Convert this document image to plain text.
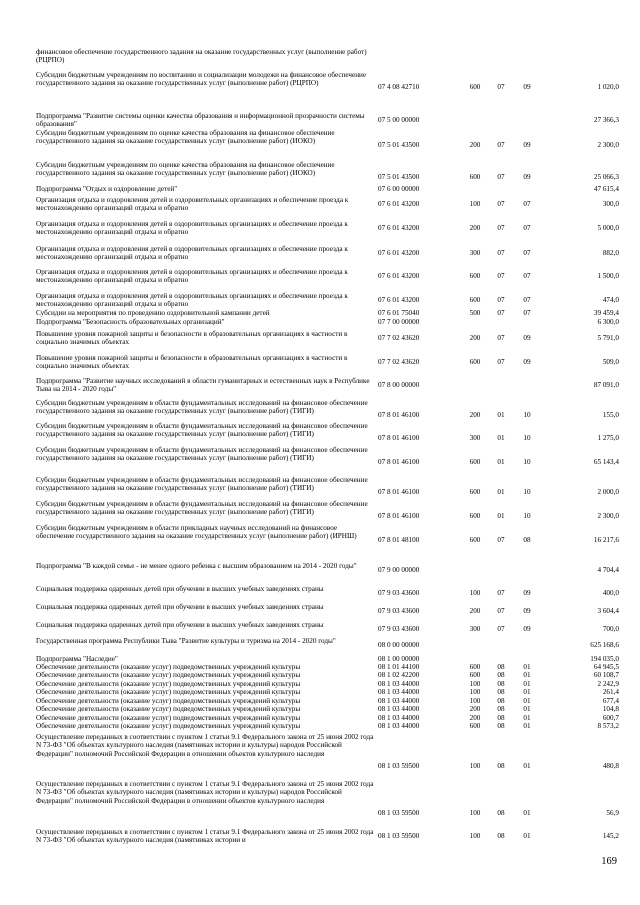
финансовое обеспечение государственного задания на оказание государственных услуг (выполнение работ) (РЦРПО)
Субсидии бюджетным учреждениям по воспитанию и социализации молодежи на финансовое обеспечение государственного задания на оказание государственных услуг (выполнение работ) (РЦРПО)	07 4 08 42710	600	07	09	1 020,0
Подпрограмма "Развитие системы оценки качества образования и информационной прозрачности системы образования"
07 5 00 00000	27 366,3
Субсидии бюджетным учреждениям по оценке качества образования на финансовое обеспечение государственного задания на оказание государственных услуг (выполнение работ) (ИОКО)	07 5 01 43500	200	07	09	2 300,0
Субсидии бюджетным учреждениям по оценке качества образования на финансовое обеспечение государственного задания на оказание государственных услуг (выполнение работ) (ИОКО)	07 5 01 43500	600	07	09	25 066,3
Подпрограмма "Отдых и оздоровление детей"	07 6 00 00000	47 615,4
Организация отдыха и оздоровления детей и оздоровительных организациях и обеспечение проезда к местонахождению организаций отдыха и обратно
07 6 01 43200	100	07	07	300,0
Организация отдыха и оздоровления детей в оздоровительных организациях и обеспечение проезда к местонахождению организаций отдыха и обратно
07 6 01 43200	200	07	07	5 000,0
Организация отдыха и оздоровления детей в оздоровительных организациях и обеспечение проезда к местонахождению организаций отдыха и обратно
07 6 01 43200	300	07	07	882,0
Организация отдыха и оздоровления детей в оздоровительных организациях и обеспечение проезда к местонахождению организаций отдыха и обратно
07 6 01 43200	600	07	07	1 500,0
Организация отдыха и оздоровления детей в оздоровительных организациях и обеспечение проезда к местонахождению организаций отдыха и обратно
07 6 01 43200	600	07	07	474,0
Субсидии на мероприятия по проведению оздоровительной кампании детей	07 6 01 75040	500	07	07	39 459,4
Подпрограмма "Безопасность образовательных организаций"	07 7 00 00000	6 300,0
Повышение уровня пожарной защиты и безопасности в образовательных организациях в частности в социально значимых объектах
07 7 02 43620	200	07	09	5 791,0
Повышение уровня пожарной защиты и безопасности в образовательных организациях в частности в социально значимых объектах
07 7 02 43620	600	07	09	509,0
Подпрограмма "Развитие научных исследований в области гуманитарных и естественных наук в Республике Тыва на 2014 - 2020 годы"
07 8 00 00000	87 091,0
Субсидии бюджетным учреждениям в области фундаментальных исследований на финансовое обеспечение государственного задания на оказание государственных услуг (выполнение работ) (ТИГИ)	07 8 01 46100	200	01	10	155,0
Субсидии бюджетным учреждениям в области фундаментальных исследований на финансовое обеспечение государственного задания на оказание государственных услуг (выполнение работ) (ТИГИ)	07 8 01 46100	300	01	10	1 275,0
Субсидии бюджетным учреждениям в области фундаментальных исследований на финансовое обеспечение государственного задания на оказание государственных услуг (выполнение работ) (ТИГИ)	07 8 01 46100	600	01	10	65 143,4
Субсидии бюджетным учреждениям в области фундаментальных исследований на финансовое обеспечение государственного задания на оказание государственных услуг (выполнение работ) (ТИГИ)	07 8 01 46100	600	01	10	2 000,0
Субсидии бюджетным учреждениям в области фундаментальных исследований на финансовое обеспечение государственного задания на оказание государственных услуг (выполнение работ) (ТИГИ)	07 8 01 46100	600	01	10	2 300,0
Субсидии бюджетным учреждениям в области прикладных научных исследований на финансовое обеспечение государственного задания на оказание государственных услуг (выполнение работ) (ИРНШ)	07 8 01 48100	600	07	08	16 217,6
Подпрограмма "В каждой семье - не менее одного ребенка с высшим образованием на 2014 - 2020 годы"	07 9 00 00000	4 704,4
Социальная поддержка одаренных детей при обучении в высших учебных заведениях страны	07 9 03 43600	100	07	09	400,0
Социальная поддержка одаренных детей при обучении в высших учебных заведениях страны	07 9 03 43600	200	07	09	3 604,4
Социальная поддержка одаренных детей при обучении в высших учебных заведениях страны	07 9 03 43600	300	07	09	700,0
Государственная программа Республики Тыва "Развитие культуры и туризма на 2014 - 2020 годы"	08 0 00 00000	625 168,6
Подпрограмма "Наследие"	08 1 00 00000	194 035,0
Обеспечение деятельности (оказание услуг) подведомственных учреждений культуры	08 1 01 44100	600	08	01	64 945,5
Обеспечение деятельности (оказание услуг) подведомственных учреждений культуры	08 1 02 42200	600	08	01	60 108,7
Обеспечение деятельности (оказание услуг) подведомственных учреждений культуры	08 1 03 44000	100	08	01	2 242,9
Обеспечение деятельности (оказание услуг) подведомственных учреждений культуры	08 1 03 44000	100	08	01	261,4
Обеспечение деятельности (оказание услуг) подведомственных учреждений культуры	08 1 03 44000	100	08	01	677,4
Обеспечение деятельности (оказание услуг) подведомственных учреждений культуры	08 1 03 44000	200	08	01	104,8
Обеспечение деятельности (оказание услуг) подведомственных учреждений культуры	08 1 03 44000	200	08	01	600,7
Обеспечение деятельности (оказание услуг) подведомственных учреждений культуры	08 1 03 44000	600	08	01	8 573,2
Осуществление переданных в соответствии с пунктом 1 статьи 9.1 Федерального закона от 25 июня 2002 года N 73-ФЗ "Об объектах культурного наследия (памятниках истории и культуры) народов Российской Федерации" полномочий Российской Федерации в отношении объектов культурного наследия
08 1 03 59500	100	08	01	480,8
Осуществление переданных в соответствии с пунктом 1 статьи 9.1 Федерального закона от 25 июня 2002 года N 73-ФЗ "Об объектах культурного наследия (памятниках истории и культуры) народов Российской Федерации" полномочий Российской Федерации в отношении объектов культурного наследия
08 1 03 59500	100	08	01	56,9
Осуществление переданных в соответствии с пунктом 1 статьи 9.1 Федерального закона от 25 июня 2002 года N 73-ФЗ "Об объектах культурного наследия (памятниках истории и
08 1 03 59500	100	08	01	145,2
169
